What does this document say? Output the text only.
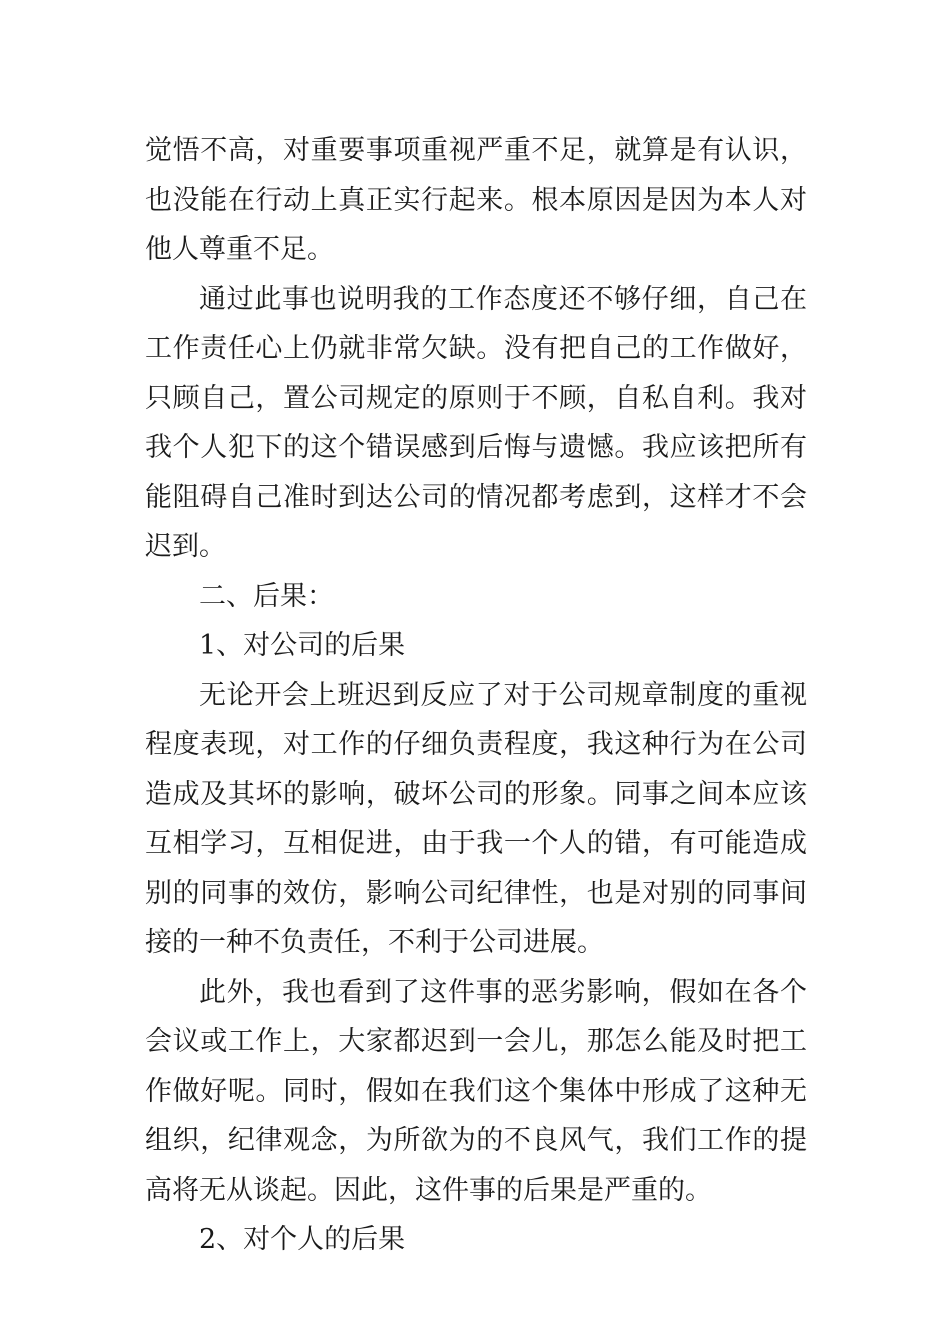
觉悟不高，对重要事项重视严重不足，就算是有认识，也没能在行动上真正实行起来。根本原因是因为本人对他人尊重不足。

通过此事也说明我的工作态度还不够仔细，自己在工作责任心上仍就非常欠缺。没有把自己的工作做好，只顾自己，置公司规定的原则于不顾，自私自利。我对我个人犯下的这个错误感到后悔与遗憾。我应该把所有能阻碍自己准时到达公司的情况都考虑到，这样才不会迟到。

二、后果：

1、对公司的后果

无论开会上班迟到反应了对于公司规章制度的重视程度表现，对工作的仔细负责程度，我这种行为在公司造成及其坏的影响，破坏公司的形象。同事之间本应该互相学习，互相促进，由于我一个人的错，有可能造成别的同事的效仿，影响公司纪律性，也是对别的同事间接的一种不负责任，不利于公司进展。

此外，我也看到了这件事的恶劣影响，假如在各个会议或工作上，大家都迟到一会儿，那怎么能及时把工作做好呢。同时，假如在我们这个集体中形成了这种无组织，纪律观念，为所欲为的不良风气，我们工作的提高将无从谈起。因此，这件事的后果是严重的。

2、对个人的后果
